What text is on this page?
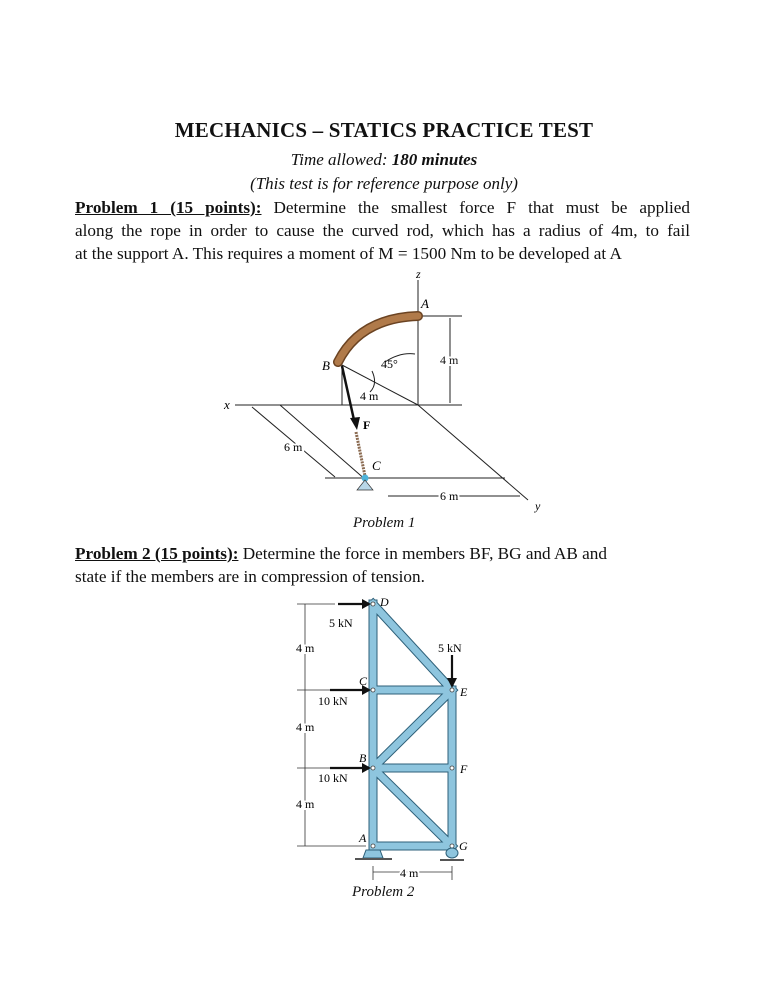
MECHANICS – STATICS PRACTICE TEST
Time allowed: 180 minutes
(This test is for reference purpose only)
Problem 1 (15 points): Determine the smallest force F that must be applied
along the rope in order to cause the curved rod, which has a radius of 4m, to fail
at the support A. This requires a moment of M = 1500 Nm to be developed at A
z
x
y
A
B
C
F
45°
4 m
4 m
6 m
6 m
Problem 1
Problem 2 (15 points): Determine the force in members BF, BG and AB and
state if the members are in compression of tension.
D
C
B
A
E
F
G
5 kN
10 kN
10 kN
5 kN
4 m
4 m
4 m
4 m
Problem 2
